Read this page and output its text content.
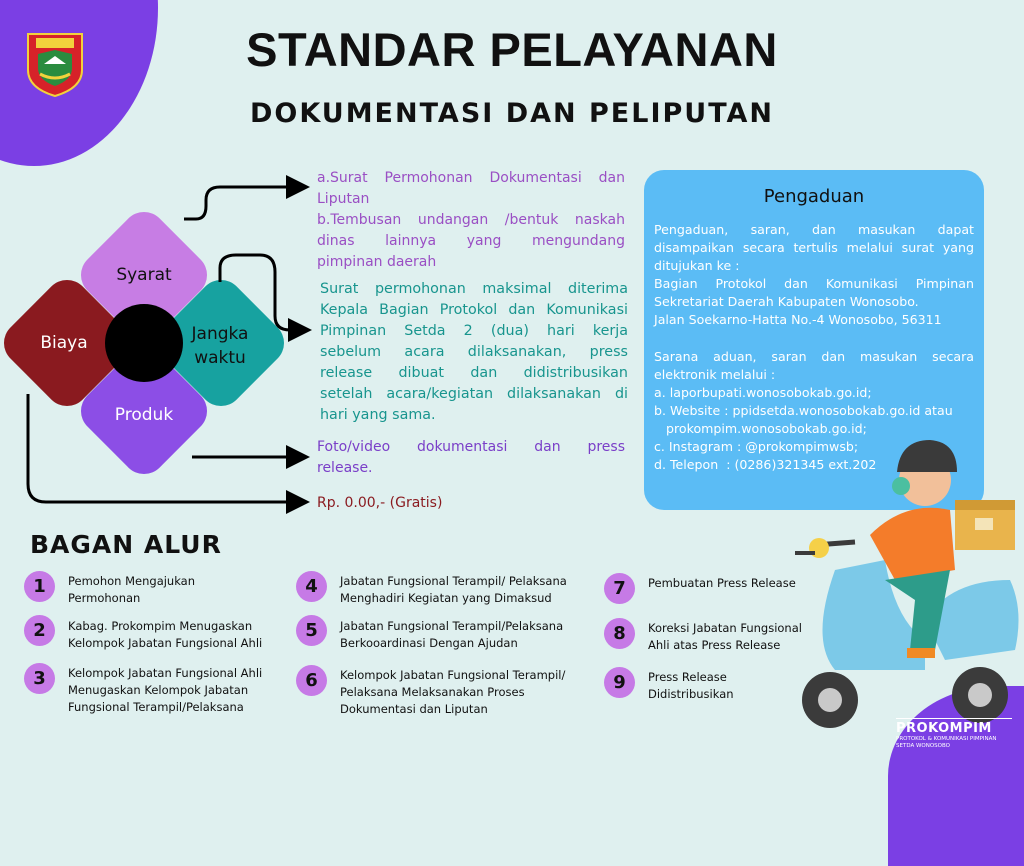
STANDAR PELAYANAN
DOKUMENTASI DAN PELIPUTAN
Syarat
Jangka
waktu
Biaya
Produk
a.Surat Permohonan Dokumentasi dan
Liputan
b.Tembusan undangan /bentuk naskah
dinas lainnya yang mengundang
pimpinan daerah
Surat permohonan maksimal diterima
Kepala Bagian Protokol dan Komunikasi
Pimpinan Setda 2 (dua) hari kerja
sebelum acara dilaksanakan, press
release dibuat dan didistribusikan
setelah acara/kegiatan dilaksanakan di
hari yang sama.
Foto/video dokumentasi dan press
release.
Rp. 0.00,- (Gratis)
Pengaduan
Pengaduan, saran, dan masukan dapat
disampaikan secara tertulis melalui surat yang
ditujukan ke :
Bagian Protokol dan Komunikasi Pimpinan
Sekretariat Daerah Kabupaten Wonosobo.
Jalan Soekarno-Hatta No.-4 Wonosobo, 56311
Sarana aduan, saran dan masukan secara
elektronik melalui :
a. laporbupati.wonosobokab.go.id;
b. Website : ppidsetda.wonosobokab.go.id atau
prokompim.wonosobokab.go.id;
c. Instagram : @prokompimwsb;
d. Telepon  : (0286)321345 ext.202
BAGAN ALUR
1	Pemohon Mengajukan
Permohonan
2	Kabag. Prokompim Menugaskan
Kelompok Jabatan Fungsional Ahli
3	Kelompok Jabatan Fungsional Ahli
Menugaskan Kelompok Jabatan
Fungsional Terampil/Pelaksana
4	Jabatan Fungsional Terampil/ Pelaksana
Menghadiri Kegiatan yang Dimaksud
5	Jabatan Fungsional Terampil/Pelaksana
Berkooardinasi Dengan Ajudan
6	Kelompok Jabatan Fungsional Terampil/
Pelaksana Melaksanakan Proses
Dokumentasi dan Liputan
7	Pembuatan Press Release
8	Koreksi Jabatan Fungsional
Ahli atas Press Release
9	Press Release
Didistribusikan
PROKOMPIM
PROTOKOL & KOMUNIKASI PIMPINAN
SETDA WONOSOBO
